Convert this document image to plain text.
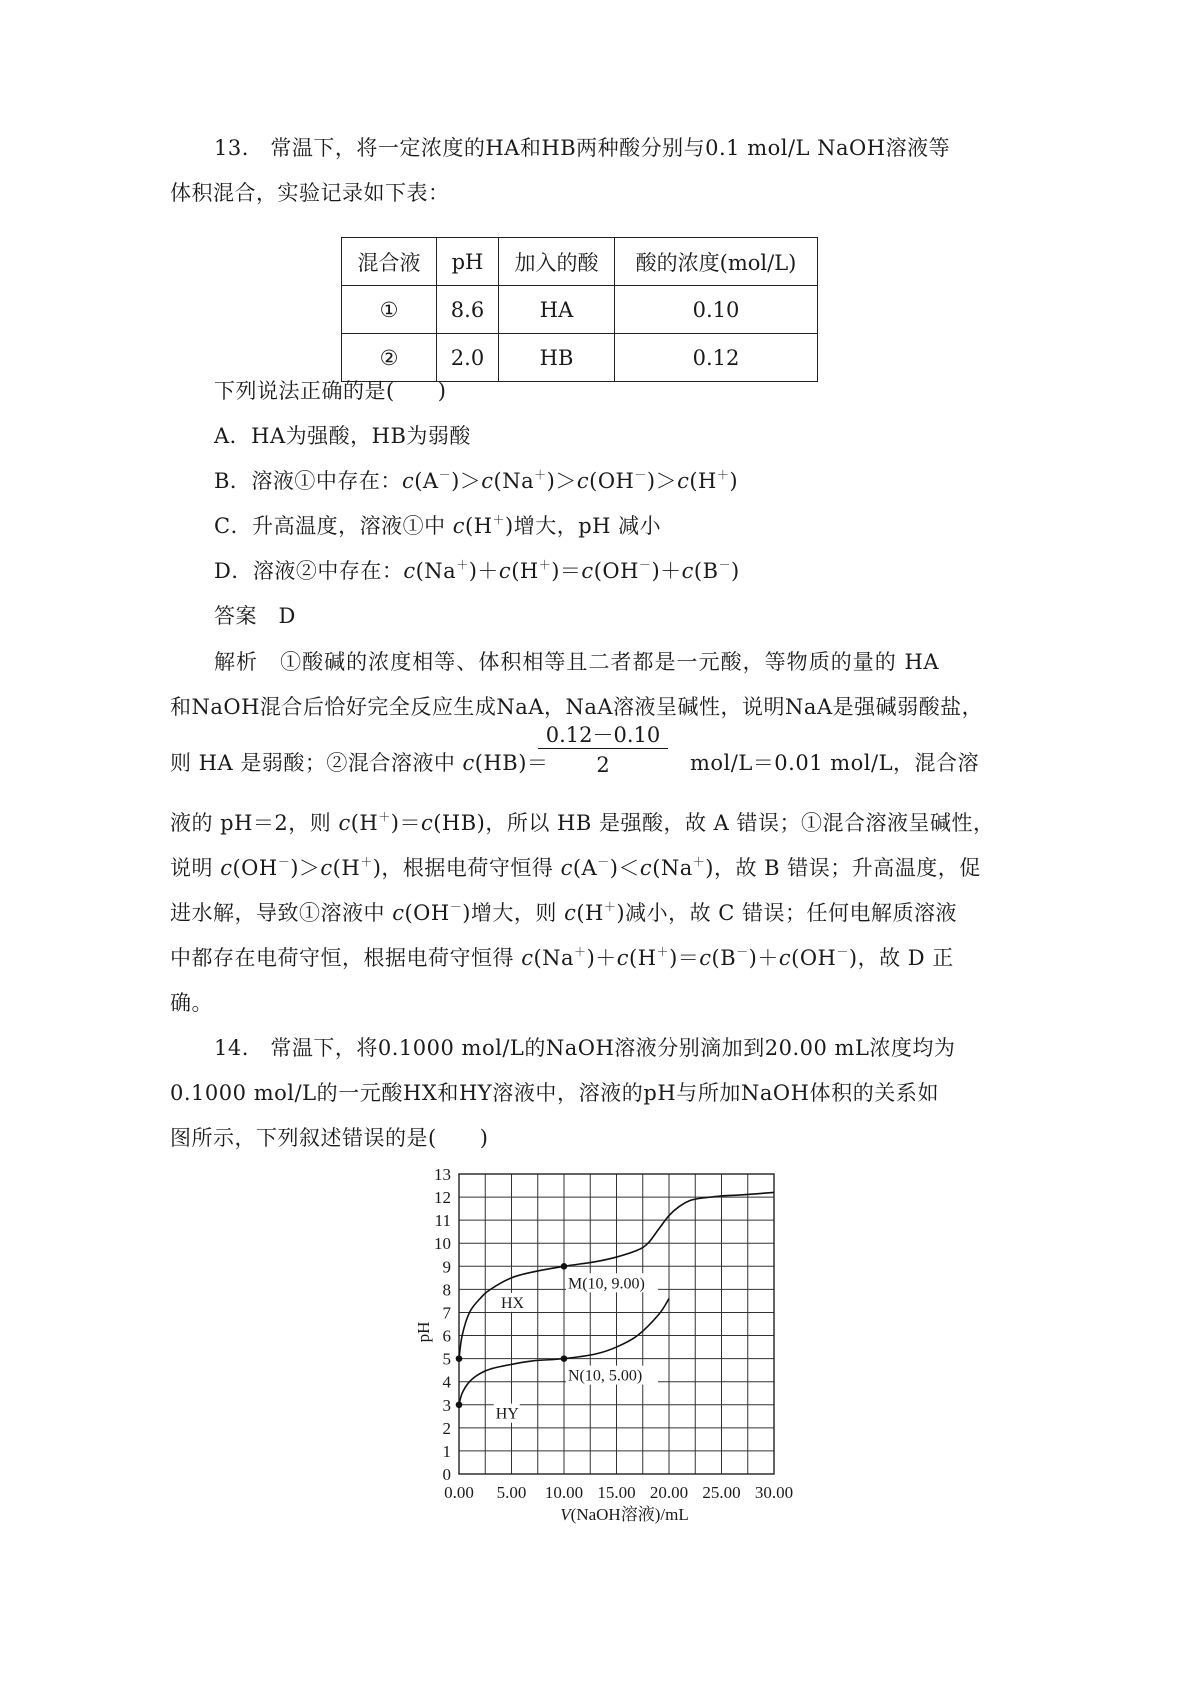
13.　常温下，将一定浓度的HA和HB两种酸分别与0.1 mol/L NaOH溶液等
体积混合，实验记录如下表：
混合液	pH	加入的酸	酸的浓度(mol/L)
①	8.6	HA	0.10
②	2.0	HB	0.12
下列说法正确的是(　　)
A．HA为强酸，HB为弱酸
B．溶液①中存在：c(A－)＞c(Na＋)＞c(OH－)＞c(H＋)
C．升高温度，溶液①中 c(H＋)增大，pH 减小
D．溶液②中存在：c(Na＋)＋c(H＋)＝c(OH－)＋c(B－)
答案　D
解析　①酸碱的浓度相等、体积相等且二者都是一元酸，等物质的量的 HA
和NaOH混合后恰好完全反应生成NaA，NaA溶液呈碱性，说明NaA是强碱弱酸盐，
则 HA 是弱酸；②混合溶液中 c(HB)＝
0.12－0.10
2	mol/L＝0.01 mol/L，混合溶
液的 pH＝2，则 c(H＋)＝c(HB)，所以 HB 是强酸，故 A 错误；①混合溶液呈碱性，
说明 c(OH－)＞c(H＋)，根据电荷守恒得 c(A－)＜c(Na＋)，故 B 错误；升高温度，促
进水解，导致①溶液中 c(OH－)增大，则 c(H＋)减小，故 C 错误；任何电解质溶液
中都存在电荷守恒，根据电荷守恒得 c(Na＋)＋c(H＋)＝c(B－)＋c(OH－)，故 D 正
确。
14.　常温下，将0.1000 mol/L的NaOH溶液分别滴加到20.00 mL浓度均为
0.1000 mol/L的一元酸HX和HY溶液中，溶液的pH与所加NaOH体积的关系如
图所示，下列叙述错误的是(　　)
0
1
2
3
4
5
6
7
8
9
10
11
12
13
0.00 5.00 10.00 15.00 20.00 25.00 30.00
pH
V(NaOH溶液)/mL
HX
HY
M(10, 9.00)
N(10, 5.00)
